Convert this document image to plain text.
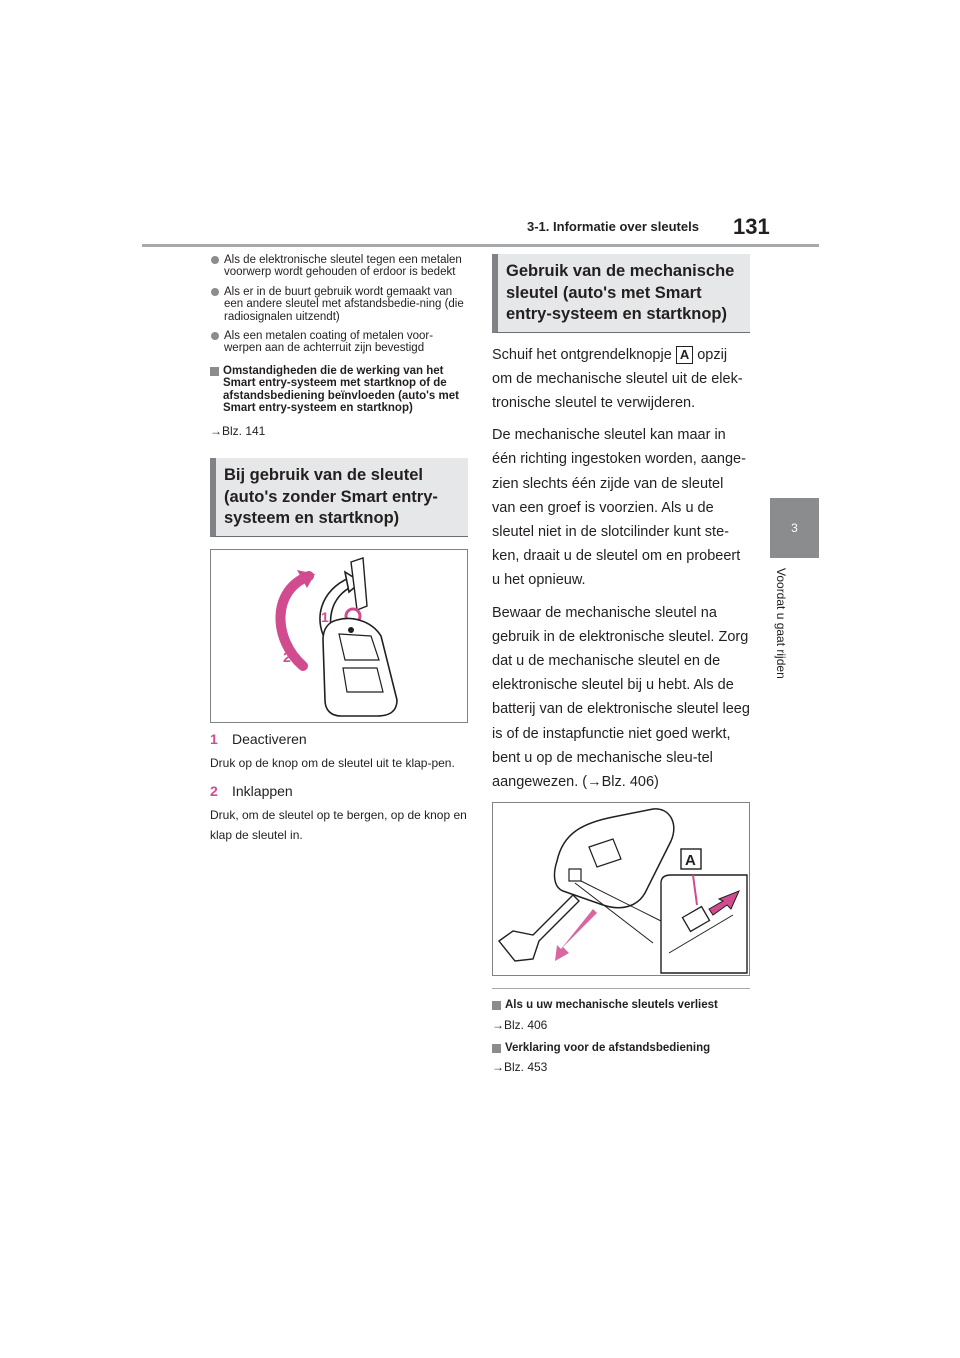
3-1. Informatie over sleutels 131
3
Voordat u gaat rijden
Als de elektronische sleutel tegen een metalen voorwerp wordt gehouden of erdoor is bedekt
Als er in de buurt gebruik wordt gemaakt van een andere sleutel met afstandsbedie-ning (die radiosignalen uitzendt)
Als een metalen coating of metalen voor-werpen aan de achterruit zijn bevestigd
Omstandigheden die de werking van het Smart entry-systeem met startknop of de afstandsbediening beïnvloeden (auto's met Smart entry-systeem en startknop)
→Blz. 141
Bij gebruik van de sleutel (auto's zonder Smart entry-systeem en startknop)
1
2
1	Deactiveren
Druk op de knop om de sleutel uit te klap-pen.
2	Inklappen
Druk, om de sleutel op te bergen, op de knop en klap de sleutel in.
Gebruik van de mechanische sleutel (auto's met Smart entry-systeem en startknop)
Schuif het ontgrendelknopje A opzij om de mechanische sleutel uit de elek-tronische sleutel te verwijderen.
De mechanische sleutel kan maar in één richting ingestoken worden, aange-zien slechts één zijde van de sleutel van een groef is voorzien. Als u de sleutel niet in de slotcilinder kunt ste-ken, draait u de sleutel om en probeert u het opnieuw.
Bewaar de mechanische sleutel na gebruik in de elektronische sleutel. Zorg dat u de mechanische sleutel en de elektronische sleutel bij u hebt. Als de batterij van de elektronische sleutel leeg is of de instapfunctie niet goed werkt, bent u op de mechanische sleu-tel aangewezen. (→Blz. 406)
A
Als u uw mechanische sleutels verliest
→Blz. 406
Verklaring voor de afstandsbediening
→Blz. 453
